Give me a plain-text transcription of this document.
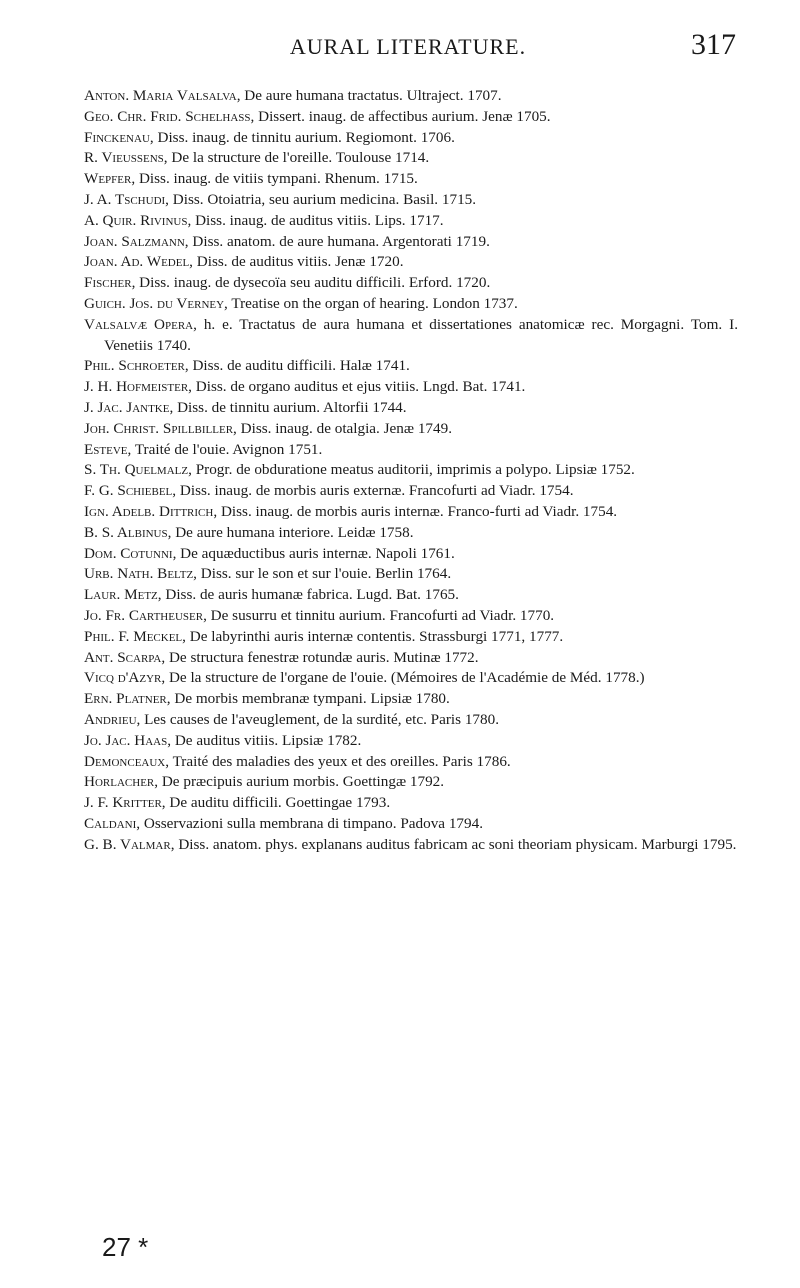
AURAL LITERATURE.	317
Anton. Maria Valsalva, De aure humana tractatus. Ultraject. 1707.
Geo. Chr. Frid. Schelhass, Dissert. inaug. de affectibus aurium. Jenæ 1705.
Finckenau, Diss. inaug. de tinnitu aurium. Regiomont. 1706.
R. Vieussens, De la structure de l'oreille. Toulouse 1714.
Wepfer, Diss. inaug. de vitiis tympani. Rhenum. 1715.
J. A. Tschudi, Diss. Otoiatria, seu aurium medicina. Basil. 1715.
A. Quir. Rivinus, Diss. inaug. de auditus vitiis. Lips. 1717.
Joan. Salzmann, Diss. anatom. de aure humana. Argentorati 1719.
Joan. Ad. Wedel, Diss. de auditus vitiis. Jenæ 1720.
Fischer, Diss. inaug. de dysecoïa seu auditu difficili. Erford. 1720.
Guich. Jos. du Verney, Treatise on the organ of hearing. London 1737.
Valsalvæ Opera, h. e. Tractatus de aura humana et dissertationes anatomicæ rec. Morgagni. Tom. I. Venetiis 1740.
Phil. Schroeter, Diss. de auditu difficili. Halæ 1741.
J. H. Hofmeister, Diss. de organo auditus et ejus vitiis. Lngd. Bat. 1741.
J. Jac. Jantke, Diss. de tinnitu aurium. Altorfii 1744.
Joh. Christ. Spillbiller, Diss. inaug. de otalgia. Jenæ 1749.
Esteve, Traité de l'ouie. Avignon 1751.
S. Th. Quelmalz, Progr. de obduratione meatus auditorii, imprimis a polypo. Lipsiæ 1752.
F. G. Schiebel, Diss. inaug. de morbis auris externæ. Francofurti ad Viadr. 1754.
Ign. Adelb. Dittrich, Diss. inaug. de morbis auris internæ. Franco-furti ad Viadr. 1754.
B. S. Albinus, De aure humana interiore. Leidæ 1758.
Dom. Cotunni, De aquæductibus auris internæ. Napoli 1761.
Urb. Nath. Beltz, Diss. sur le son et sur l'ouie. Berlin 1764.
Laur. Metz, Diss. de auris humanæ fabrica. Lugd. Bat. 1765.
Jo. Fr. Cartheuser, De susurru et tinnitu aurium. Francofurti ad Viadr. 1770.
Phil. F. Meckel, De labyrinthi auris internæ contentis. Strassburgi 1771, 1777.
Ant. Scarpa, De structura fenestræ rotundæ auris. Mutinæ 1772.
Vicq d'Azyr, De la structure de l'organe de l'ouie. (Mémoires de l'Académie de Méd. 1778.)
Ern. Platner, De morbis membranæ tympani. Lipsiæ 1780.
Andrieu, Les causes de l'aveuglement, de la surdité, etc. Paris 1780.
Jo. Jac. Haas, De auditus vitiis. Lipsiæ 1782.
Demonceaux, Traité des maladies des yeux et des oreilles. Paris 1786.
Horlacher, De præcipuis aurium morbis. Goettingæ 1792.
J. F. Kritter, De auditu difficili. Goettingae 1793.
Caldani, Osservazioni sulla membrana di timpano. Padova 1794.
G. B. Valmar, Diss. anatom. phys. explanans auditus fabricam ac soni theoriam physicam. Marburgi 1795.
27 *
